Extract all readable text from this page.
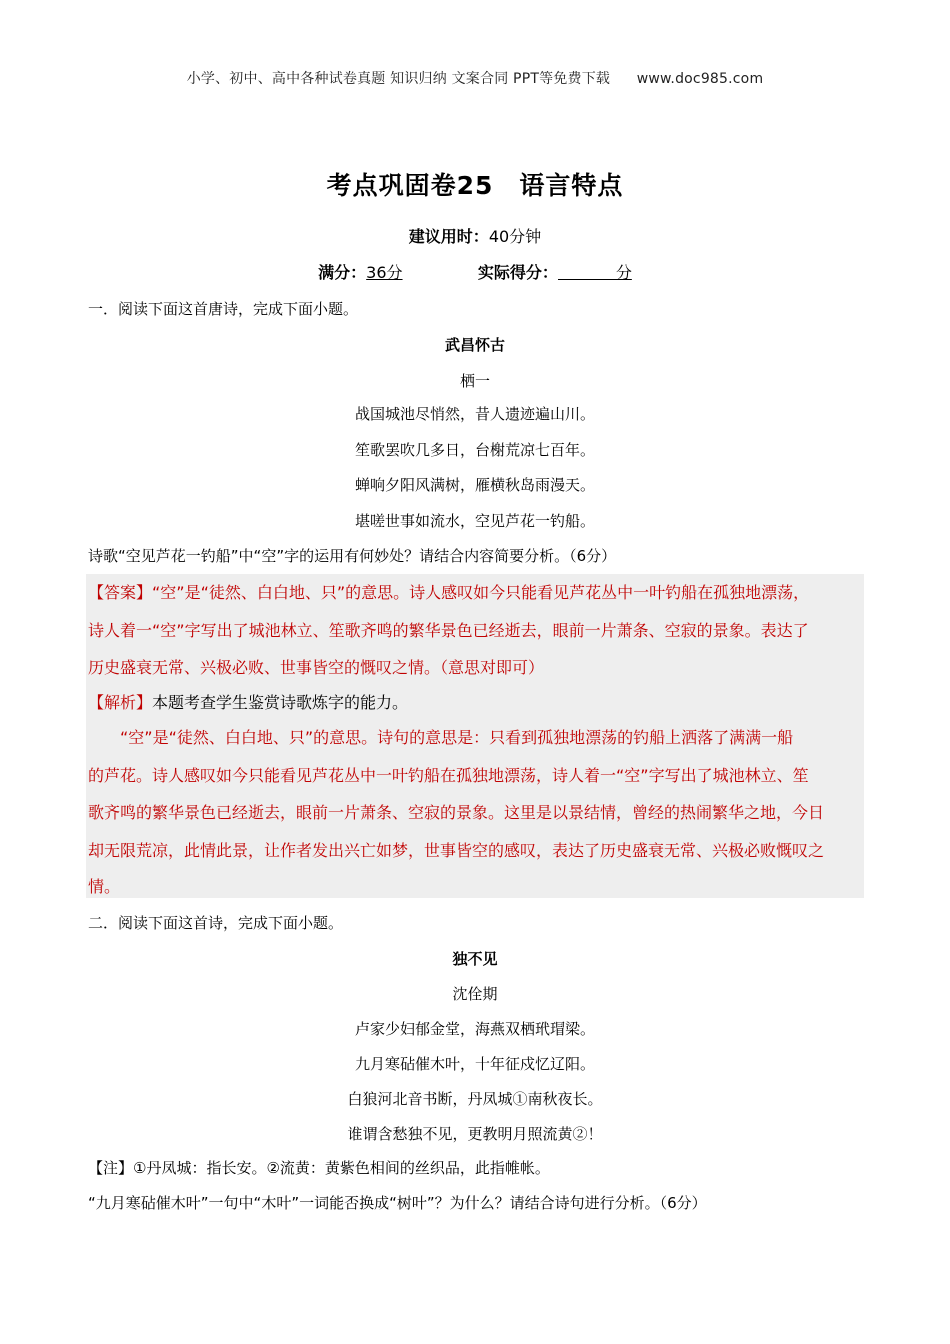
小学、初中、高中各种试卷真题 知识归纳 文案合同 PPT等免费下载 www.doc985.com
考点巩固卷25 语言特点
建议用时：40分钟
满分：36分	实际得分：	分
一．阅读下面这首唐诗，完成下面小题。
武昌怀古
栖一
战国城池尽悄然，昔人遗迹遍山川。
笙歌罢吹几多日，台榭荒凉七百年。
蝉响夕阳风满树，雁横秋岛雨漫天。
堪嗟世事如流水，空见芦花一钓船。
诗歌“空见芦花一钓船”中“空”字的运用有何妙处？请结合内容简要分析。（6分）
【答案】“空”是“徒然、白白地、只”的意思。诗人感叹如今只能看见芦花丛中一叶钓船在孤独地漂荡，
诗人着一“空”字写出了城池林立、笙歌齐鸣的繁华景色已经逝去，眼前一片萧条、空寂的景象。表达了
历史盛衰无常、兴极必败、世事皆空的慨叹之情。（意思对即可）
【解析】本题考查学生鉴赏诗歌炼字的能力。
“空”是“徒然、白白地、只”的意思。诗句的意思是：只看到孤独地漂荡的钓船上洒落了满满一船
的芦花。诗人感叹如今只能看见芦花丛中一叶钓船在孤独地漂荡，诗人着一“空”字写出了城池林立、笙
歌齐鸣的繁华景色已经逝去，眼前一片萧条、空寂的景象。这里是以景结情，曾经的热闹繁华之地，今日
却无限荒凉，此情此景，让作者发出兴亡如梦，世事皆空的感叹，表达了历史盛衰无常、兴极必败慨叹之
情。
二．阅读下面这首诗，完成下面小题。
独不见
沈佺期
卢家少妇郁金堂，海燕双栖玳瑁梁。
九月寒砧催木叶，十年征戍忆辽阳。
白狼河北音书断，丹凤城①南秋夜长。
谁谓含愁独不见，更教明月照流黄②！
【注】①丹凤城：指长安。②流黄：黄紫色相间的丝织品，此指帷帐。
“九月寒砧催木叶”一句中“木叶”一词能否换成“树叶”？为什么？请结合诗句进行分析。（6分）
